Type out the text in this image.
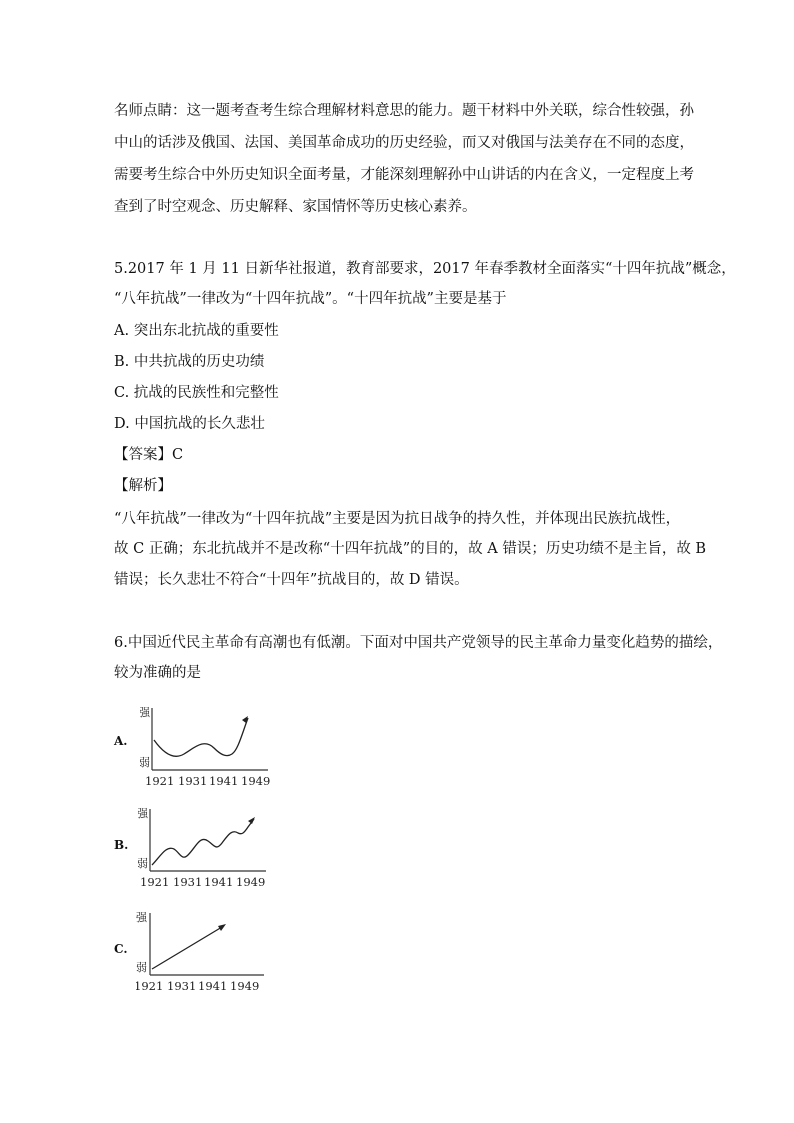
名师点睛：这一题考查考生综合理解材料意思的能力。题干材料中外关联，综合性较强，孙
中山的话涉及俄国、法国、美国革命成功的历史经验，而又对俄国与法美存在不同的态度，
需要考生综合中外历史知识全面考量，才能深刻理解孙中山讲话的内在含义，一定程度上考
查到了时空观念、历史解释、家国情怀等历史核心素养。
5.2017 年 1 月 11 日新华社报道，教育部要求，2017 年春季教材全面落实“十四年抗战”概念，
“八年抗战”一律改为“十四年抗战”。“十四年抗战”主要是基于
A. 突出东北抗战的重要性
B. 中共抗战的历史功绩
C. 抗战的民族性和完整性
D. 中国抗战的长久悲壮
【答案】C
【解析】
“八年抗战”一律改为“十四年抗战”主要是因为抗日战争的持久性，并体现出民族抗战性，
故 C 正确；东北抗战并不是改称“十四年抗战”的目的，故 A 错误；历史功绩不是主旨，故 B
错误；长久悲壮不符合“十四年”抗战目的，故 D 错误。
6.中国近代民主革命有高潮也有低潮。下面对中国共产党领导的民主革命力量变化趋势的描绘，
较为准确的是
A.
强
弱
1921 1931 1941 1949
B.
强
弱
1921 1931 1941 1949
C.
强
弱
1921 1931 1941 1949
